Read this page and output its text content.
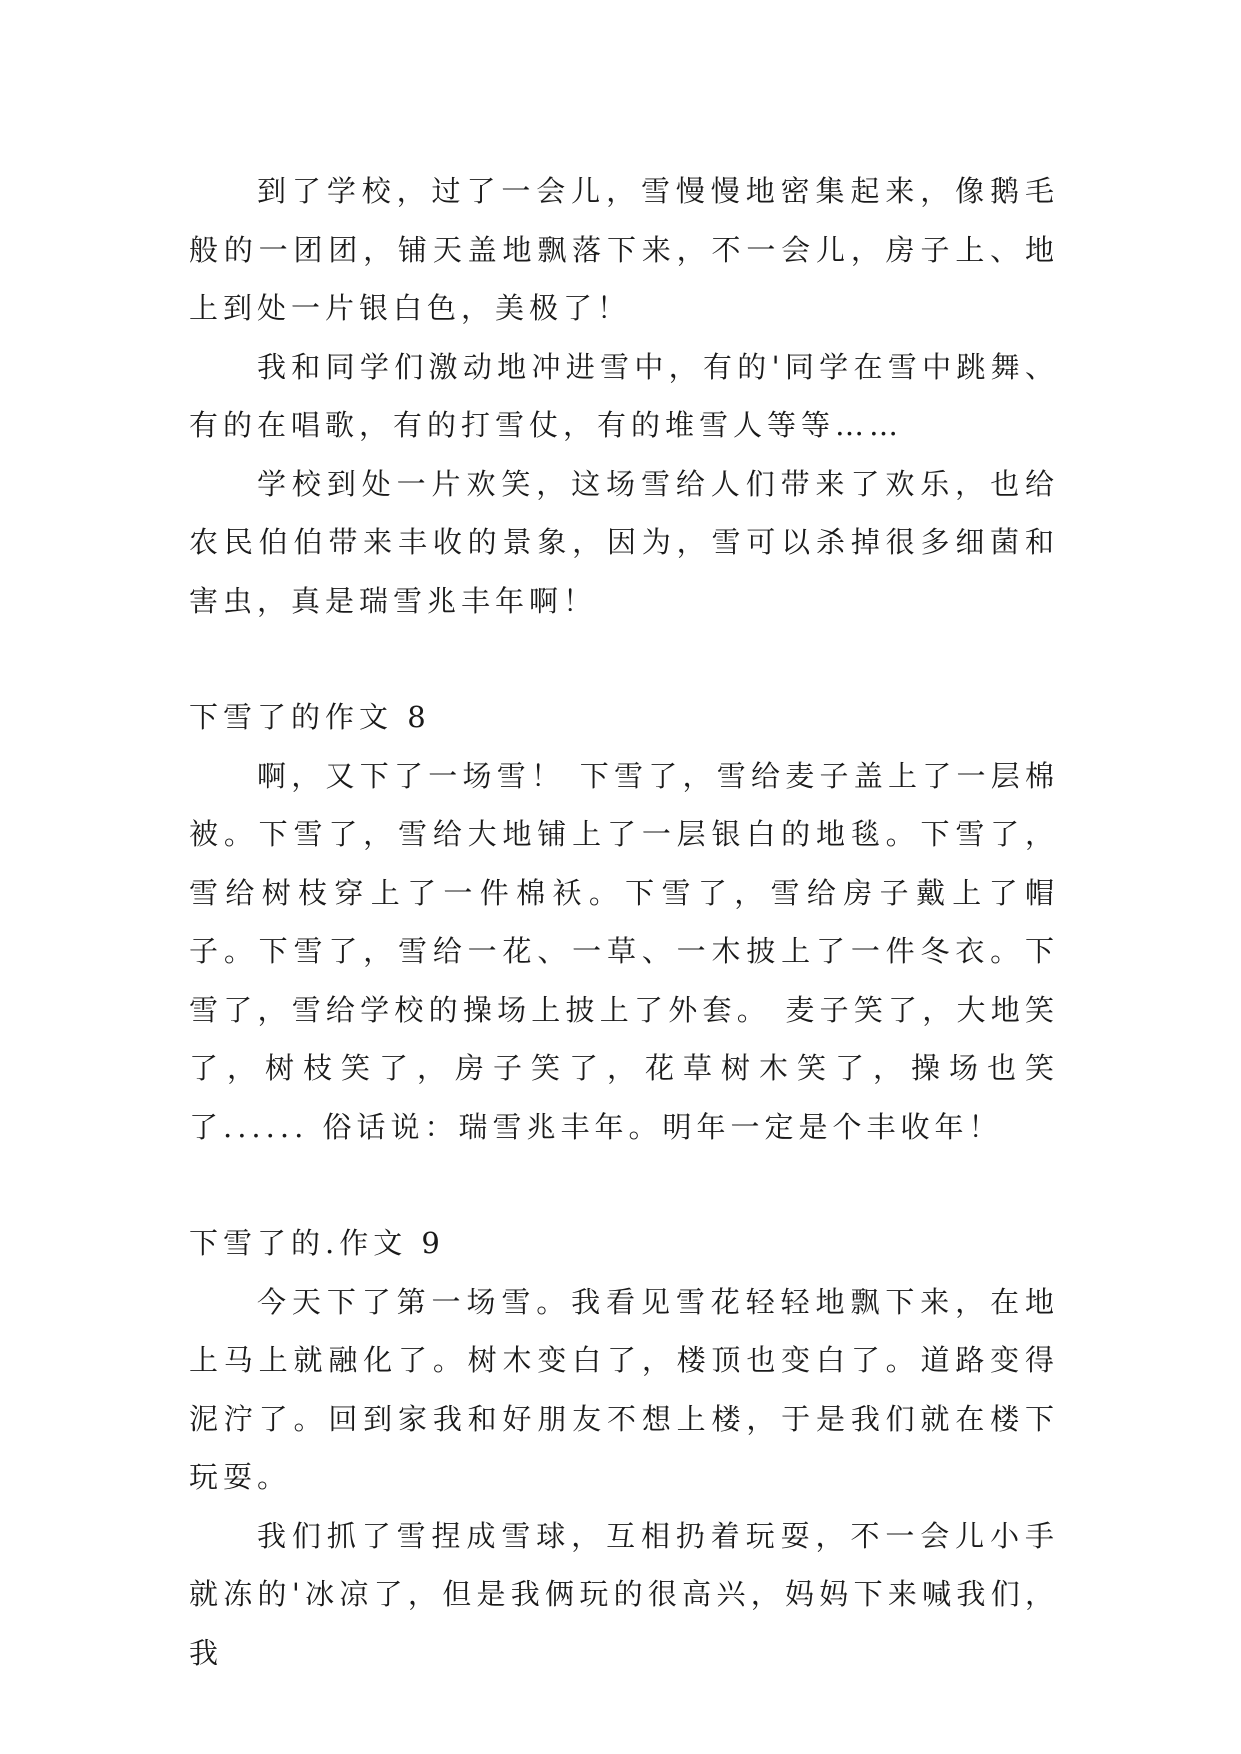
到了学校，过了一会儿，雪慢慢地密集起来，像鹅毛般的一团团，铺天盖地飘落下来，不一会儿，房子上、地上到处一片银白色，美极了！

我和同学们激动地冲进雪中，有的'同学在雪中跳舞、有的在唱歌，有的打雪仗，有的堆雪人等等……

学校到处一片欢笑，这场雪给人们带来了欢乐，也给农民伯伯带来丰收的景象，因为，雪可以杀掉很多细菌和害虫，真是瑞雪兆丰年啊！

下雪了的作文 8

啊，又下了一场雪！ 下雪了，雪给麦子盖上了一层棉被。下雪了，雪给大地铺上了一层银白的地毯。下雪了，雪给树枝穿上了一件棉袄。下雪了，雪给房子戴上了帽子。下雪了，雪给一花、一草、一木披上了一件冬衣。下雪了，雪给学校的操场上披上了外套。 麦子笑了，大地笑了，树枝笑了，房子笑了，花草树木笑了，操场也笑了...... 俗话说：瑞雪兆丰年。明年一定是个丰收年！

下雪了的.作文 9

今天下了第一场雪。我看见雪花轻轻地飘下来，在地上马上就融化了。树木变白了，楼顶也变白了。道路变得泥泞了。回到家我和好朋友不想上楼，于是我们就在楼下玩耍。

我们抓了雪捏成雪球，互相扔着玩耍，不一会儿小手就冻的'冰凉了，但是我俩玩的很高兴，妈妈下来喊我们，我
